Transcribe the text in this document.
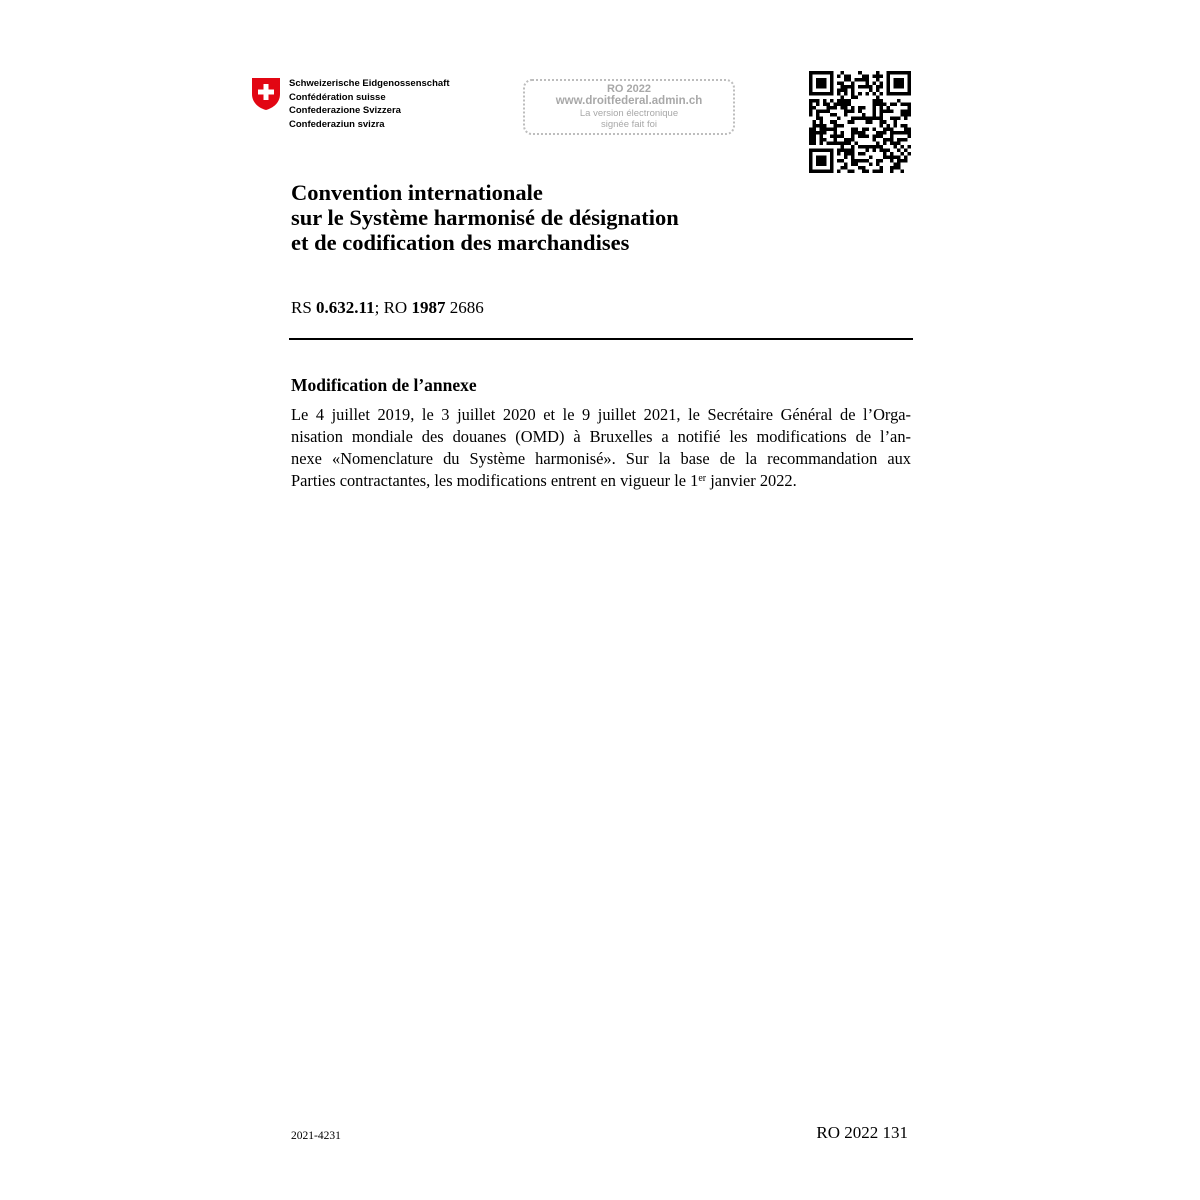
Schweizerische Eidgenossenschaft
Confédération suisse
Confederazione Svizzera
Confederaziun svizra
RO 2022
www.droitfederal.admin.ch
La version électronique
signée fait foi
Convention internationale
sur le Système harmonisé de désignation
et de codification des marchandises
RS 0.632.11; RO 1987 2686
Modification de l’annexe
Le 4 juillet 2019, le 3 juillet 2020 et le 9 juillet 2021, le Secrétaire Général de l’Orga-
nisation mondiale des douanes (OMD) à Bruxelles a notifié les modifications de l’an-
nexe «Nomenclature du Système harmonisé». Sur la base de la recommandation aux
Parties contractantes, les modifications entrent en vigueur le 1er janvier 2022.
2021-4231	RO 2022 131
